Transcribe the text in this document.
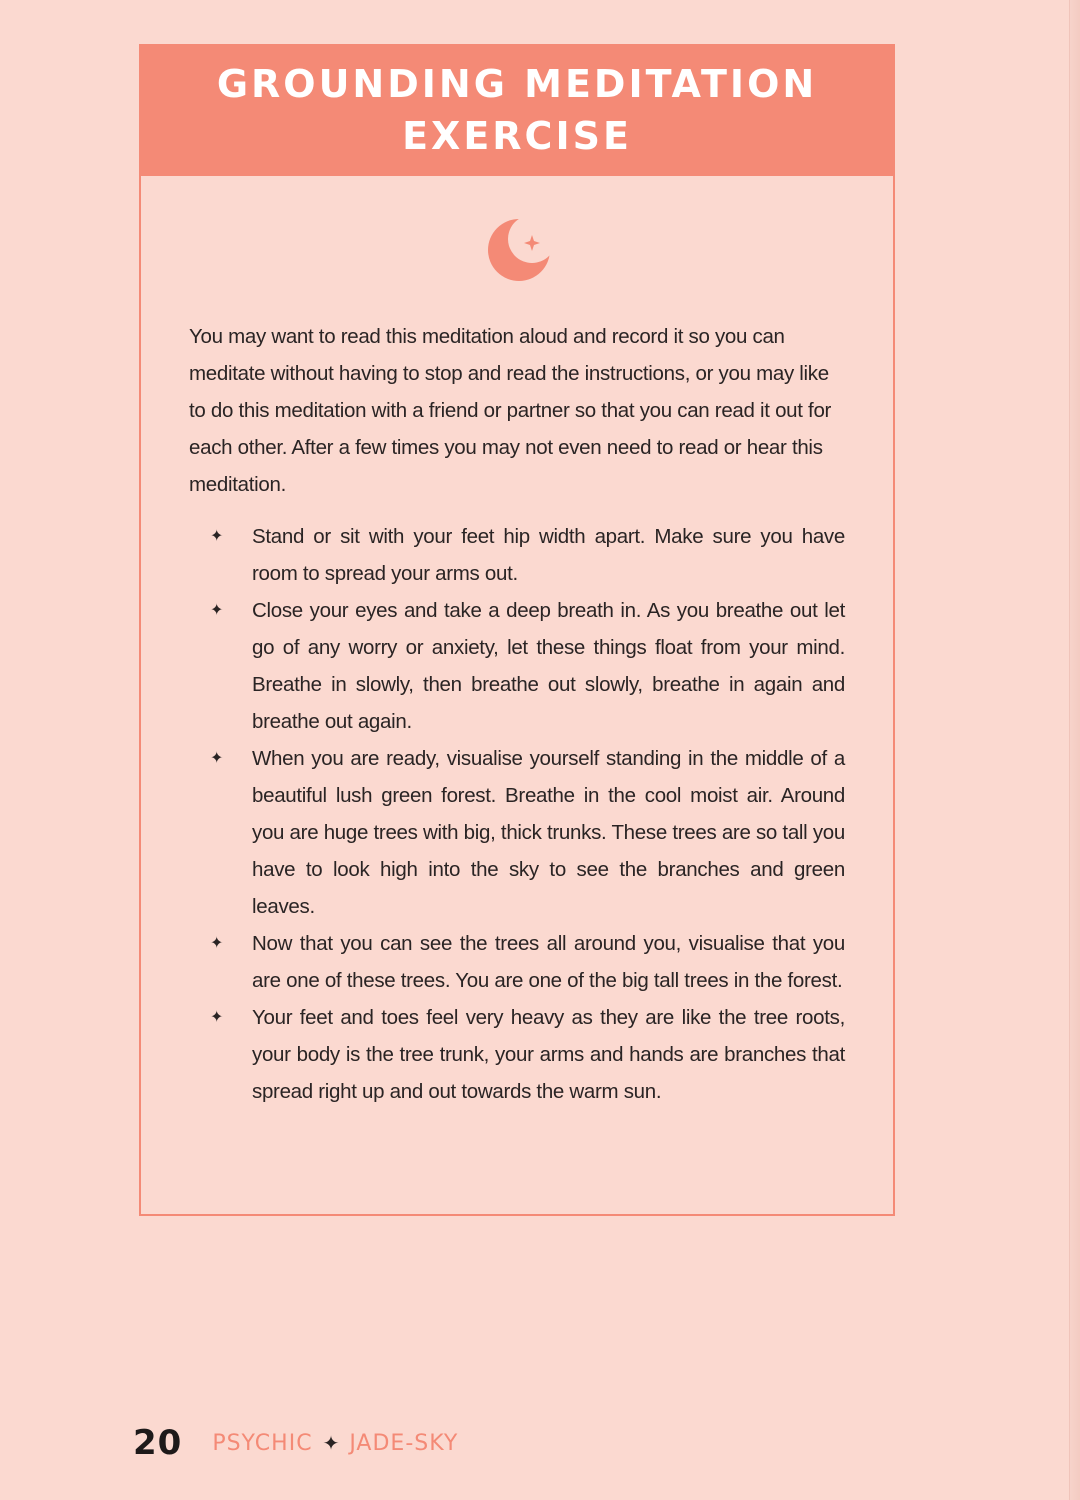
GROUNDING MEDITATION
EXERCISE

You may want to read this meditation aloud and record it so you can meditate without having to stop and read the instructions, or you may like to do this meditation with a friend or partner so that you can read it out for each other. After a few times you may not even need to read or hear this meditation.

✦ Stand or sit with your feet hip width apart. Make sure you have room to spread your arms out.
✦ Close your eyes and take a deep breath in. As you breathe out let go of any worry or anxiety, let these things float from your mind. Breathe in slowly, then breathe out slowly, breathe in again and breathe out again.
✦ When you are ready, visualise yourself standing in the middle of a beautiful lush green forest. Breathe in the cool moist air. Around you are huge trees with big, thick trunks. These trees are so tall you have to look high into the sky to see the branches and green leaves.
✦ Now that you can see the trees all around you, visualise that you are one of these trees. You are one of the big tall trees in the forest.
✦ Your feet and toes feel very heavy as they are like the tree roots, your body is the tree trunk, your arms and hands are branches that spread right up and out towards the warm sun.
20 PSYCHIC ✦ JADE-SKY
